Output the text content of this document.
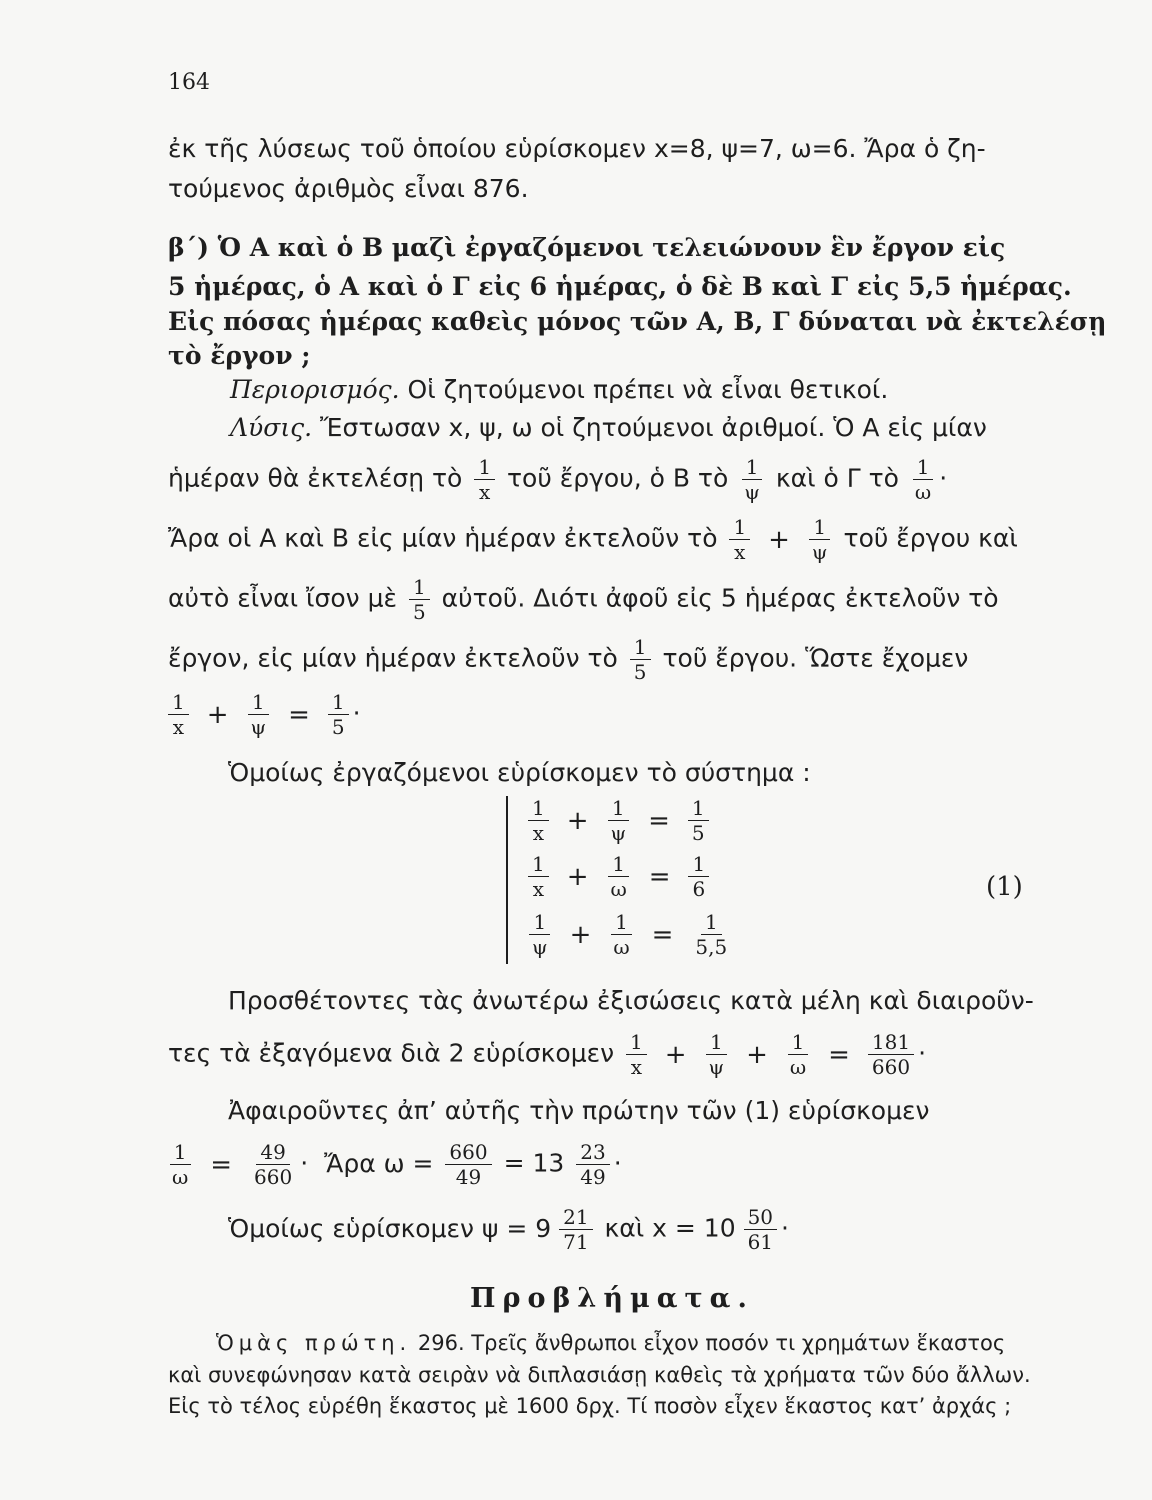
164
ἐκ τῆς λύσεως τοῦ ὁποίου εὑρίσκομεν x=8, ψ=7, ω=6. Ἄρα ὁ ζη-
τούμενος ἀριθμὸς εἶναι 876.
β΄) Ὁ Α καὶ ὁ Β μαζὶ ἐργαζόμενοι τελειώνουν ἓν ἔργον εἰς
5 ἡμέρας, ὁ Α καὶ ὁ Γ εἰς 6 ἡμέρας, ὁ δὲ Β καὶ Γ εἰς 5,5 ἡμέρας.
Εἰς πόσας ἡμέρας καθεὶς μόνος τῶν Α, Β, Γ δύναται νὰ ἐκτελέσῃ
τὸ ἔργον ;
Περιορισμός. Οἱ ζητούμενοι πρέπει νὰ εἶναι θετικοί.
Λύσις. Ἔστωσαν x, ψ, ω οἱ ζητούμενοι ἀριθμοί. Ὁ Α εἰς μίαν
ἡμέραν θὰ ἐκτελέσῃ τὸ $\frac{1}{x}$ τοῦ ἔργου, ὁ Β τὸ $\frac{1}{\psi}$ καὶ ὁ Γ τὸ $\frac{1}{\omega}$ ·
Ἄρα οἱ Α καὶ Β εἰς μίαν ἡμέραν ἐκτελοῦν τὸ $\frac{1}{x} + \frac{1}{\psi}$ τοῦ ἔργου καὶ
αὐτὸ εἶναι ἴσον μὲ $\frac{1}{5}$ αὐτοῦ. Διότι ἀφοῦ εἰς 5 ἡμέρας ἐκτελοῦν τὸ
ἔργον, εἰς μίαν ἡμέραν ἐκτελοῦν τὸ $\frac{1}{5}$ τοῦ ἔργου. Ὥστε ἔχομεν
$\frac{1}{x} + \frac{1}{\psi} = \frac{1}{5}$ ·
Ὁμοίως ἐργαζόμενοι εὑρίσκομεν τὸ σύστημα :
$\frac{1}{x} + \frac{1}{\psi} = \frac{1}{5}$
$\frac{1}{x} + \frac{1}{\omega} = \frac{1}{6}$
$\frac{1}{\psi} + \frac{1}{\omega} = \frac{1}{5,5}$
(1)
Προσθέτοντες τὰς ἀνωτέρω ἐξισώσεις κατὰ μέλη καὶ διαιροῦν-
τες τὰ ἐξαγόμενα διὰ 2 εὑρίσκομεν $\frac{1}{x} + \frac{1}{\psi} + \frac{1}{\omega} = \frac{181}{660}$ ·
Ἀφαιροῦντες ἀπ’ αὐτῆς τὴν πρώτην τῶν (1) εὑρίσκομεν
$\frac{1}{\omega} = \frac{49}{660}$ · Ἄρα $\omega = \frac{660}{49} = 13 \frac{23}{49}$ ·
Ὁμοίως εὑρίσκομεν $\psi = 9 \frac{21}{71}$ καὶ $x = 10 \frac{50}{61}$ ·
Προβλήματα.
Ὁμὰς πρώτη. 296. Τρεῖς ἄνθρωποι εἶχον ποσόν τι χρημάτων ἕκαστος
καὶ συνεφώνησαν κατὰ σειρὰν νὰ διπλασιάσῃ καθεὶς τὰ χρήματα τῶν δύο ἄλλων.
Εἰς τὸ τέλος εὑρέθη ἕκαστος μὲ 1600 δρχ. Τί ποσὸν εἶχεν ἕκαστος κατ’ ἀρχάς ;
